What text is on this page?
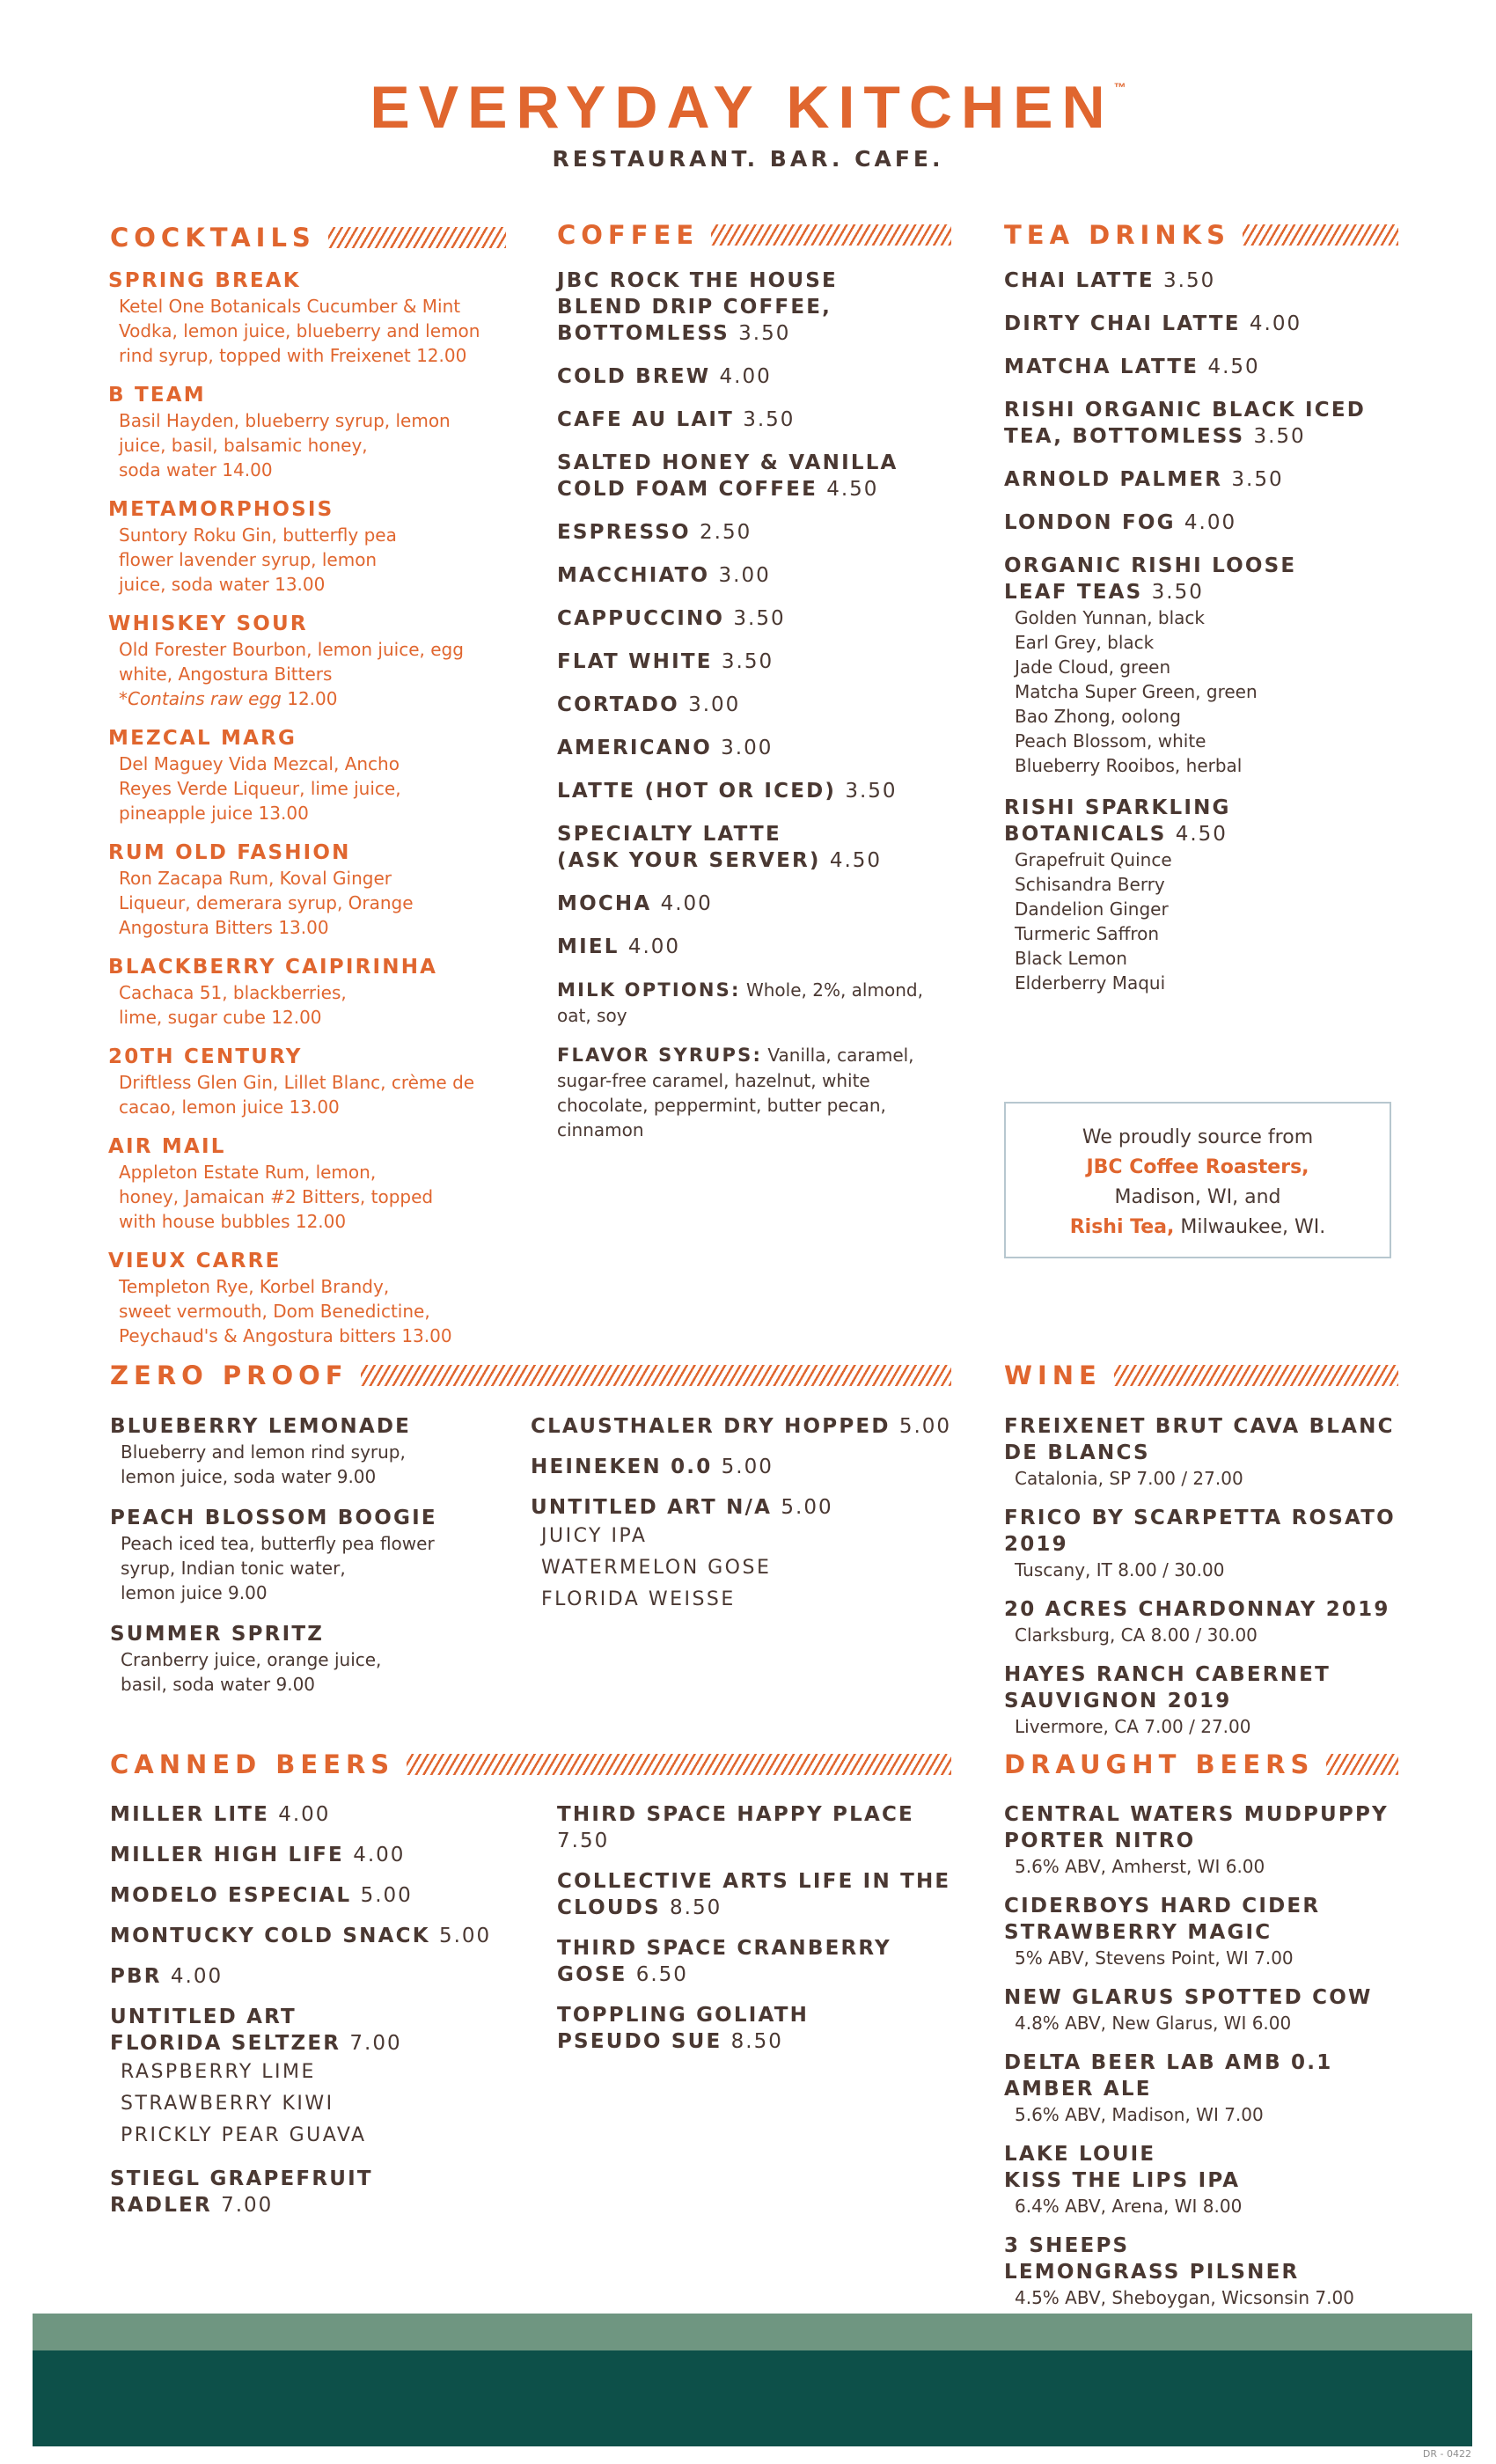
EVERYDAY KITCHEN™
RESTAURANT. BAR. CAFE.
COCKTAILS
SPRING BREAK
Ketel One Botanicals Cucumber & Mint
Vodka, lemon juice, blueberry and lemon
rind syrup, topped with Freixenet 12.00
B TEAM
Basil Hayden, blueberry syrup, lemon
juice, basil, balsamic honey,
soda water 14.00
METAMORPHOSIS
Suntory Roku Gin, butterfly pea
flower lavender syrup, lemon
juice, soda water 13.00
WHISKEY SOUR
Old Forester Bourbon, lemon juice, egg
white, Angostura Bitters
*Contains raw egg 12.00
MEZCAL MARG
Del Maguey Vida Mezcal, Ancho
Reyes Verde Liqueur, lime juice,
pineapple juice 13.00
RUM OLD FASHION
Ron Zacapa Rum, Koval Ginger
Liqueur, demerara syrup, Orange
Angostura Bitters 13.00
BLACKBERRY CAIPIRINHA
Cachaca 51, blackberries,
lime, sugar cube 12.00
20TH CENTURY
Driftless Glen Gin, Lillet Blanc, crème de
cacao, lemon juice 13.00
AIR MAIL
Appleton Estate Rum, lemon,
honey, Jamaican #2 Bitters, topped
with house bubbles 12.00
VIEUX CARRE
Templeton Rye, Korbel Brandy,
sweet vermouth, Dom Benedictine,
Peychaud's & Angostura bitters 13.00
COFFEE
JBC ROCK THE HOUSE
BLEND DRIP COFFEE,
BOTTOMLESS 3.50
COLD BREW 4.00
CAFE AU LAIT 3.50
SALTED HONEY & VANILLA
COLD FOAM COFFEE 4.50
ESPRESSO 2.50
MACCHIATO 3.00
CAPPUCCINO 3.50
FLAT WHITE 3.50
CORTADO 3.00
AMERICANO 3.00
LATTE (HOT OR ICED) 3.50
SPECIALTY LATTE
(ASK YOUR SERVER) 4.50
MOCHA 4.00
MIEL 4.00
MILK OPTIONS: Whole, 2%, almond,
oat, soy
FLAVOR SYRUPS: Vanilla, caramel,
sugar-free caramel, hazelnut, white
chocolate, peppermint, butter pecan,
cinnamon
TEA DRINKS
CHAI LATTE 3.50
DIRTY CHAI LATTE 4.00
MATCHA LATTE 4.50
RISHI ORGANIC BLACK ICED
TEA, BOTTOMLESS 3.50
ARNOLD PALMER 3.50
LONDON FOG 4.00
ORGANIC RISHI LOOSE
LEAF TEAS 3.50
Golden Yunnan, black
Earl Grey, black
Jade Cloud, green
Matcha Super Green, green
Bao Zhong, oolong
Peach Blossom, white
Blueberry Rooibos, herbal
RISHI SPARKLING
BOTANICALS 4.50
Grapefruit Quince
Schisandra Berry
Dandelion Ginger
Turmeric Saffron
Black Lemon
Elderberry Maqui
We proudly source from
JBC Coffee Roasters,
Madison, WI, and
Rishi Tea, Milwaukee, WI.
ZERO PROOF
BLUEBERRY LEMONADE
Blueberry and lemon rind syrup,
lemon juice, soda water 9.00
PEACH BLOSSOM BOOGIE
Peach iced tea, butterfly pea flower
syrup, Indian tonic water,
lemon juice 9.00
SUMMER SPRITZ
Cranberry juice, orange juice,
basil, soda water 9.00
CLAUSTHALER DRY HOPPED 5.00
HEINEKEN 0.0 5.00
UNTITLED ART N/A 5.00
JUICY IPA
WATERMELON GOSE
FLORIDA WEISSE
WINE
FREIXENET BRUT CAVA BLANC
DE BLANCS
Catalonia, SP 7.00 / 27.00
FRICO BY SCARPETTA ROSATO
2019
Tuscany, IT 8.00 / 30.00
20 ACRES CHARDONNAY 2019
Clarksburg, CA 8.00 / 30.00
HAYES RANCH CABERNET
SAUVIGNON 2019
Livermore, CA 7.00 / 27.00
CANNED BEERS
MILLER LITE 4.00
MILLER HIGH LIFE 4.00
MODELO ESPECIAL 5.00
MONTUCKY COLD SNACK 5.00
PBR 4.00
UNTITLED ART
FLORIDA SELTZER 7.00
RASPBERRY LIME
STRAWBERRY KIWI
PRICKLY PEAR GUAVA
STIEGL GRAPEFRUIT
RADLER 7.00
THIRD SPACE HAPPY PLACE 7.50
COLLECTIVE ARTS LIFE IN THE
CLOUDS 8.50
THIRD SPACE CRANBERRY
GOSE 6.50
TOPPLING GOLIATH
PSEUDO SUE 8.50
DRAUGHT BEERS
CENTRAL WATERS MUDPUPPY
PORTER NITRO
5.6% ABV, Amherst, WI 6.00
CIDERBOYS HARD CIDER
STRAWBERRY MAGIC
5% ABV, Stevens Point, WI 7.00
NEW GLARUS SPOTTED COW
4.8% ABV, New Glarus, WI 6.00
DELTA BEER LAB AMB 0.1
AMBER ALE
5.6% ABV, Madison, WI 7.00
LAKE LOUIE
KISS THE LIPS IPA
6.4% ABV, Arena, WI 8.00
3 SHEEPS
LEMONGRASS PILSNER
4.5% ABV, Sheboygan, Wicsonsin 7.00
DR - 0422
